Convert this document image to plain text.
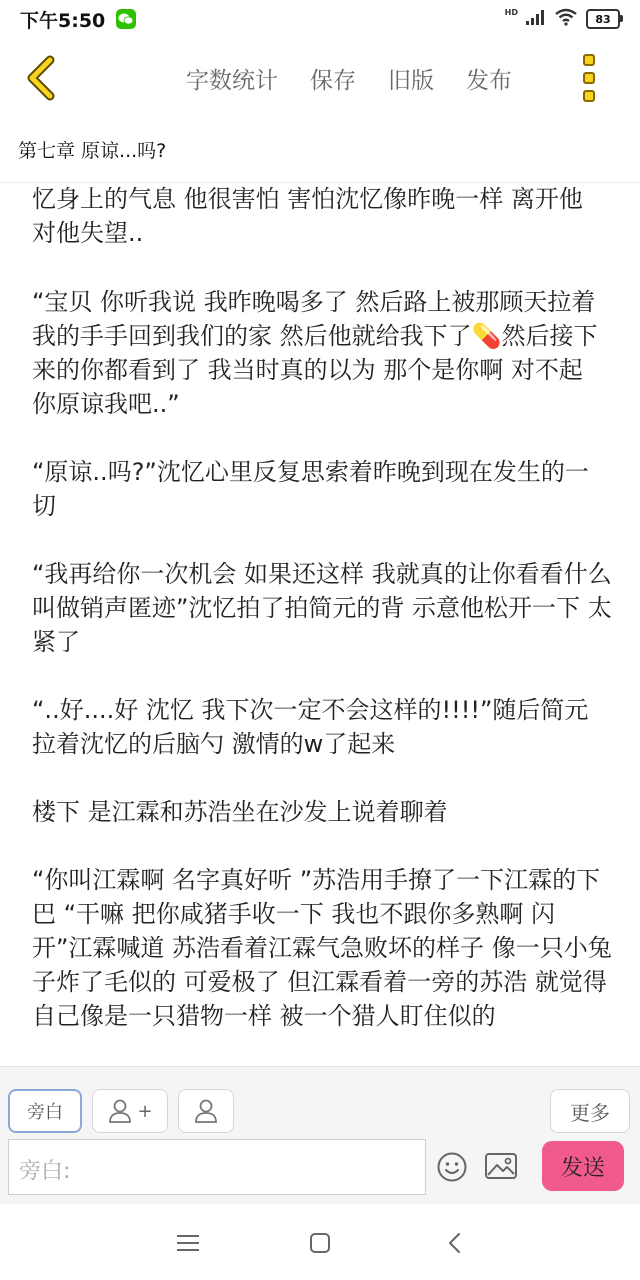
下午5:50	HD	83
字数统计 保存 旧版 发布
第七章 原谅...吗?

忆身上的气息 他很害怕 害怕沈忆像昨晚一样 离开他 对他失望..

“宝贝 你听我说 我昨晚喝多了 然后路上被那顾天拉着我的手手回到我们的家 然后他就给我下了💊然后接下来的你都看到了 我当时真的以为 那个是你啊 对不起 你原谅我吧..”

“原谅..吗?”沈忆心里反复思索着昨晚到现在发生的一切

“我再给你一次机会 如果还这样 我就真的让你看看什么叫做销声匿迹”沈忆拍了拍简元的背 示意他松开一下 太紧了

“..好....好 沈忆 我下次一定不会这样的!!!!”随后简元拉着沈忆的后脑勺 激情的w了起来

楼下 是江霖和苏浩坐在沙发上说着聊着

“你叫江霖啊 名字真好听 ”苏浩用手撩了一下江霖的下巴 “干嘛 把你咸猪手收一下 我也不跟你多熟啊 闪开”江霖喊道 苏浩看着江霖气急败坏的样子 像一只小兔子炸了毛似的 可爱极了 但江霖看着一旁的苏浩 就觉得自己像是一只猎物一样 被一个猎人盯住似的

旁白	+	更多
旁白:	发送
